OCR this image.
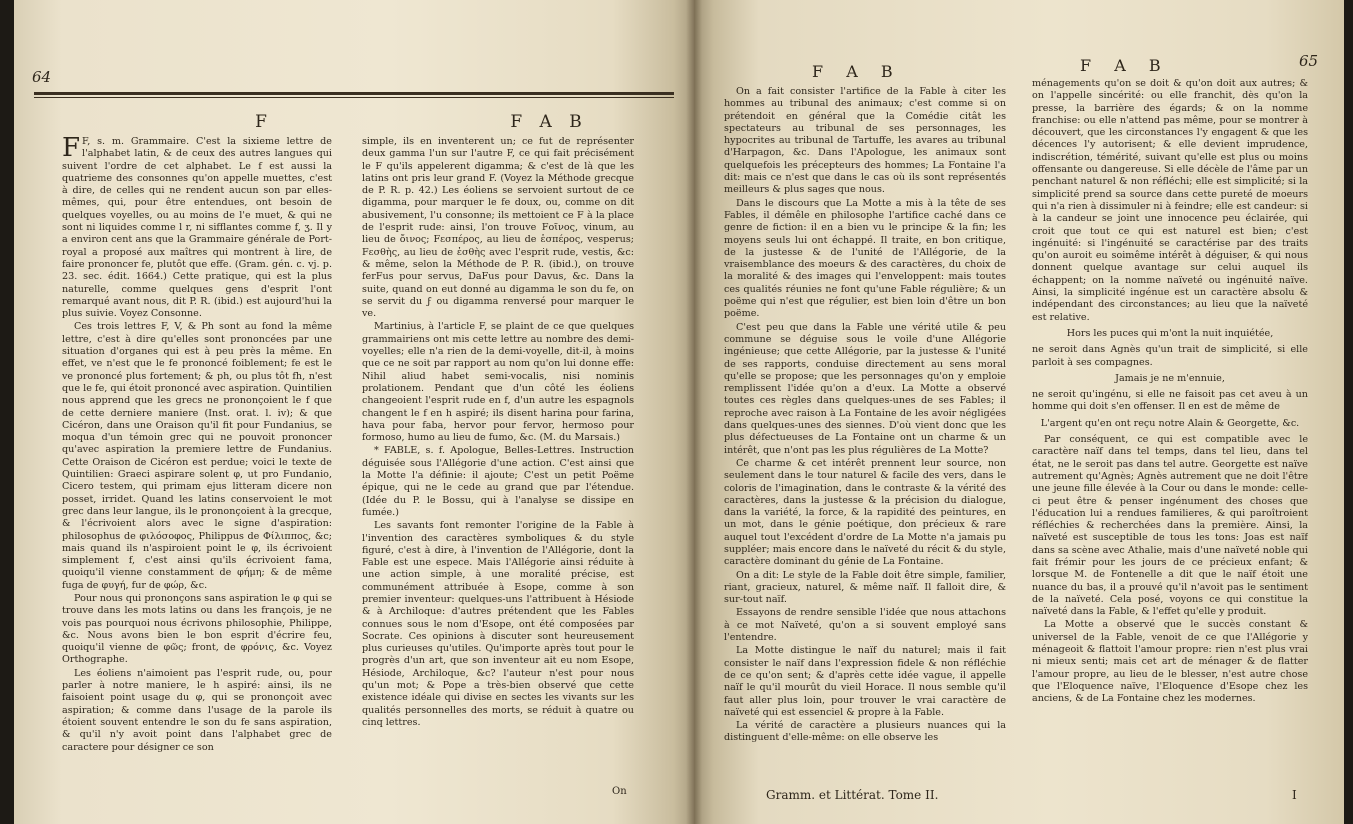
64
F	F A B

F F, s. m. Grammaire. C'est la sixieme lettre de l'alphabet latin, & de ceux des autres langues qui suivent l'ordre de cet alphabet. Le f est aussi la quatrieme des consonnes qu'on appelle muettes, c'est à dire, de celles qui ne rendent aucun son par elles-mêmes, qui, pour être entendues, ont besoin de quelques voyelles, ou au moins de l'e muet, & qui ne sont ni liquides comme l r, ni sifflantes comme f, ʒ. Il y a environ cent ans que la Grammaire générale de Port-royal a proposé aux maîtres qui montrent à lire, de faire prononcer fe, plutôt que effe. (Gram. gén. c. vj. p. 23. sec. édit. 1664.) Cette pratique, qui est la plus naturelle, comme quelques gens d'esprit l'ont remarqué avant nous, dit P. R. (ibid.) est aujourd'hui la plus suivie. Voyez Consonne.

Ces trois lettres F, V, & Ph sont au fond la même lettre, c'est à dire qu'elles sont prononcées par une situation d'organes qui est à peu près la même. En effet, ve n'est que le fe prononcé foiblement; fe est le ve prononcé plus fortement; & ph, ou plus tôt fh, n'est que le fe, qui étoit prononcé avec aspiration. Quintilien nous apprend que les grecs ne prononçoient le f que de cette derniere maniere (Inst. orat. l. iv); & que Cicéron, dans une Oraison qu'il fit pour Fundanius, se moqua d'un témoin grec qui ne pouvoit prononcer qu'avec aspiration la premiere lettre de Fundanius. Cette Oraison de Cicéron est perdue; voici le texte de Quintilien: Graeci aspirare solent φ, ut pro Fundanio, Cicero testem, qui primam ejus litteram dicere non posset, irridet. Quand les latins conservoient le mot grec dans leur langue, ils le prononçoient à la grecque, & l'écrivoient alors avec le signe d'aspiration: philosophus de φιλόσοφος, Philippus de Φίλιππος, &c; mais quand ils n'aspiroient point le φ, ils écrivoient simplement f, c'est ainsi qu'ils écrivoient fama, quoiqu'il vienne constamment de φήμη; & de même fuga de φυγή, fur de φώρ, &c.

Pour nous qui prononçons sans aspiration le φ qui se trouve dans les mots latins ou dans les françois, je ne vois pas pourquoi nous écrivons philosophie, Philippe, &c. Nous avons bien le bon esprit d'écrire feu, quoiqu'il vienne de φῶς; front, de φρόνις, &c. Voyez Orthographe.

Les éoliens n'aimoient pas l'esprit rude, ou, pour parler à notre maniere, le h aspiré: ainsi, ils ne faisoient point usage du φ, qui se prononçoit avec aspiration; & comme dans l'usage de la parole ils étoient souvent entendre le son du fe sans aspiration, & qu'il n'y avoit point dans l'alphabet grec de caractere pour désigner ce son

simple, ils en inventerent un; ce fut de représenter deux gamma l'un sur l'autre F, ce qui fait précisément le F qu'ils appelerent digamma; & c'est de là que les latins ont pris leur grand F. (Voyez la Méthode grecque de P. R. p. 42.) Les éoliens se servoient surtout de ce digamma, pour marquer le fe doux, ou, comme on dit abusivement, l'u consonne; ils mettoient ce F à la place de l'esprit rude: ainsi, l'on trouve Fοῖνος, vinum, au lieu de ὄινος; Fεσπέρος, au lieu de ἑσπέρος, vesperus; Fεσθὴς, au lieu de ἐσθὴς avec l'esprit rude, vestis, &c: & même, selon la Méthode de P. R. (ibid.), on trouve ferFus pour servus, DaFus pour Davus, &c. Dans la suite, quand on eut donné au digamma le son du fe, on se servit du ϝ ou digamma renversé pour marquer le ve.

Martinius, à l'article F, se plaint de ce que quelques grammairiens ont mis cette lettre au nombre des demi-voyelles; elle n'a rien de la demi-voyelle, dit-il, à moins que ce ne soit par rapport au nom qu'on lui donne effe: Nihil aliud habet semi-vocalis, nisi nominis prolationem. Pendant que d'un côté les éoliens changeoient l'esprit rude en f, d'un autre les espagnols changent le f en h aspiré; ils disent harina pour farina, hava pour faba, hervor pour fervor, hermoso pour formoso, humo au lieu de fumo, &c. (M. du Marsais.)

* FABLE, s. f. Apologue, Belles-Lettres. Instruction déguisée sous l'Allégorie d'une action. C'est ainsi que la Motte l'a définie: il ajoute; C'est un petit Poëme épique, qui ne le cede au grand que par l'étendue. (Idée du P. le Bossu, qui à l'analyse se dissipe en fumée.)

Les savants font remonter l'origine de la Fable à l'invention des caractères symboliques & du style figuré, c'est à dire, à l'invention de l'Allégorie, dont la Fable est une espece. Mais l'Allégorie ainsi réduite à une action simple, à une moralité précise, est communément attribuée à Esope, comme à son premier inventeur: quelques-uns l'attribuent à Hésiode & à Archiloque: d'autres prétendent que les Fables connues sous le nom d'Esope, ont été composées par Socrate. Ces opinions à discuter sont heureusement plus curieuses qu'utiles. Qu'importe après tout pour le progrès d'un art, que son inventeur ait eu nom Esope, Hésiode, Archiloque, &c? l'auteur n'est pour nous qu'un mot; & Pope a très-bien observé que cette existence idéale qui divise en sectes les vivants sur les qualités personnelles des morts, se réduit à quatre ou cinq lettres.

On
F A B	F A B	65

On a fait consister l'artifice de la Fable à citer les hommes au tribunal des animaux; c'est comme si on prétendoit en général que la Comédie citât les spectateurs au tribunal de ses personnages, les hypocrites au tribunal de Tartuffe, les avares au tribunal d'Harpagon, &c. Dans l'Apologue, les animaux sont quelquefois les précepteurs des hommes; La Fontaine l'a dit: mais ce n'est que dans le cas où ils sont représentés meilleurs & plus sages que nous.

Dans le discours que La Motte a mis à la tête de ses Fables, il démêle en philosophe l'artifice caché dans ce genre de fiction: il en a bien vu le principe & la fin; les moyens seuls lui ont échappé. Il traite, en bon critique, de la justesse & de l'unité de l'Allégorie, de la vraisemblance des moeurs & des caractères, du choix de la moralité & des images qui l'enveloppent: mais toutes ces qualités réunies ne font qu'une Fable régulière; & un poëme qui n'est que régulier, est bien loin d'être un bon poëme.

C'est peu que dans la Fable une vérité utile & peu commune se déguise sous le voile d'une Allégorie ingénieuse; que cette Allégorie, par la justesse & l'unité de ses rapports, conduise directement au sens moral qu'elle se propose; que les personnages qu'on y emploie remplissent l'idée qu'on a d'eux. La Motte a observé toutes ces règles dans quelques-unes de ses Fables; il reproche avec raison à La Fontaine de les avoir négligées dans quelques-unes des siennes. D'où vient donc que les plus défectueuses de La Fontaine ont un charme & un intérêt, que n'ont pas les plus régulières de La Motte?

Ce charme & cet intérêt prennent leur source, non seulement dans le tour naturel & facile des vers, dans le coloris de l'imagination, dans le contraste & la vérité des caractères, dans la justesse & la précision du dialogue, dans la variété, la force, & la rapidité des peintures, en un mot, dans le génie poétique, don précieux & rare auquel tout l'excédent d'ordre de La Motte n'a jamais pu suppléer; mais encore dans le naïveté du récit & du style, caractère dominant du génie de La Fontaine.

On a dit: Le style de la Fable doit être simple, familier, riant, gracieux, naturel, & même naïf. Il falloit dire, & sur-tout naïf.

Essayons de rendre sensible l'idée que nous attachons à ce mot Naïveté, qu'on a si souvent employé sans l'entendre.

La Motte distingue le naïf du naturel; mais il fait consister le naïf dans l'expression fidele & non réfléchie de ce qu'on sent; & d'après cette idée vague, il appelle naïf le qu'il mourût du vieil Horace. Il nous semble qu'il faut aller plus loin, pour trouver le vrai caractère de naïveté qui est essenciel & propre à la Fable.

La vérité de caractère a plusieurs nuances qui la distinguent d'elle-même: on elle observe les

Gramm. et Littérat. Tome II.

ménagements qu'on se doit & qu'on doit aux autres; & on l'appelle sincérité: ou elle franchit, dès qu'on la presse, la barrière des égards; & on la nomme franchise: ou elle n'attend pas même, pour se montrer à découvert, que les circonstances l'y engagent & que les décences l'y autorisent; & elle devient imprudence, indiscrétion, témérité, suivant qu'elle est plus ou moins offensante ou dangereuse. Si elle décèle de l'âme par un penchant naturel & non réfléchi; elle est simplicité; si la simplicité prend sa source dans cette pureté de moeurs qui n'a rien à dissimuler ni à feindre; elle est candeur: si à la candeur se joint une innocence peu éclairée, qui croit que tout ce qui est naturel est bien; c'est ingénuité: si l'ingénuité se caractérise par des traits qu'on auroit eu soimême intérêt à déguiser, & qui nous donnent quelque avantage sur celui auquel ils échappent; on la nomme naïveté ou ingénuité naïve. Ainsi, la simplicité ingénue est un caractère absolu & indépendant des circonstances; au lieu que la naïveté est relative.

Hors les puces qui m'ont la nuit inquiétée,

ne seroit dans Agnès qu'un trait de simplicité, si elle parloit à ses compagnes.

Jamais je ne m'ennuie,

ne seroit qu'ingénu, si elle ne faisoit pas cet aveu à un homme qui doit s'en offenser. Il en est de même de

L'argent qu'en ont reçu notre Alain & Georgette, &c.

Par conséquent, ce qui est compatible avec le caractère naïf dans tel temps, dans tel lieu, dans tel état, ne le seroit pas dans tel autre. Georgette est naïve autrement qu'Agnès; Agnès autrement que ne doit l'être une jeune fille élevée à la Cour ou dans le monde: celle-ci peut être & penser ingénument des choses que l'éducation lui a rendues familieres, & qui paroîtroient réfléchies & recherchées dans la première. Ainsi, la naïveté est susceptible de tous les tons: Joas est naïf dans sa scène avec Athalie, mais d'une naïveté noble qui fait frémir pour les jours de ce précieux enfant; & lorsque M. de Fontenelle a dit que le naïf étoit une nuance du bas, il a prouvé qu'il n'avoit pas le sentiment de la naïveté. Cela posé, voyons ce qui constitue la naïveté dans la Fable, & l'effet qu'elle y produit.

La Motte a observé que le succès constant & universel de la Fable, venoit de ce que l'Allégorie y ménageoit & flattoit l'amour propre: rien n'est plus vrai ni mieux senti; mais cet art de ménager & de flatter l'amour propre, au lieu de le blesser, n'est autre chose que l'Eloquence naïve, l'Eloquence d'Esope chez les anciens, & de La Fontaine chez les modernes.

I
